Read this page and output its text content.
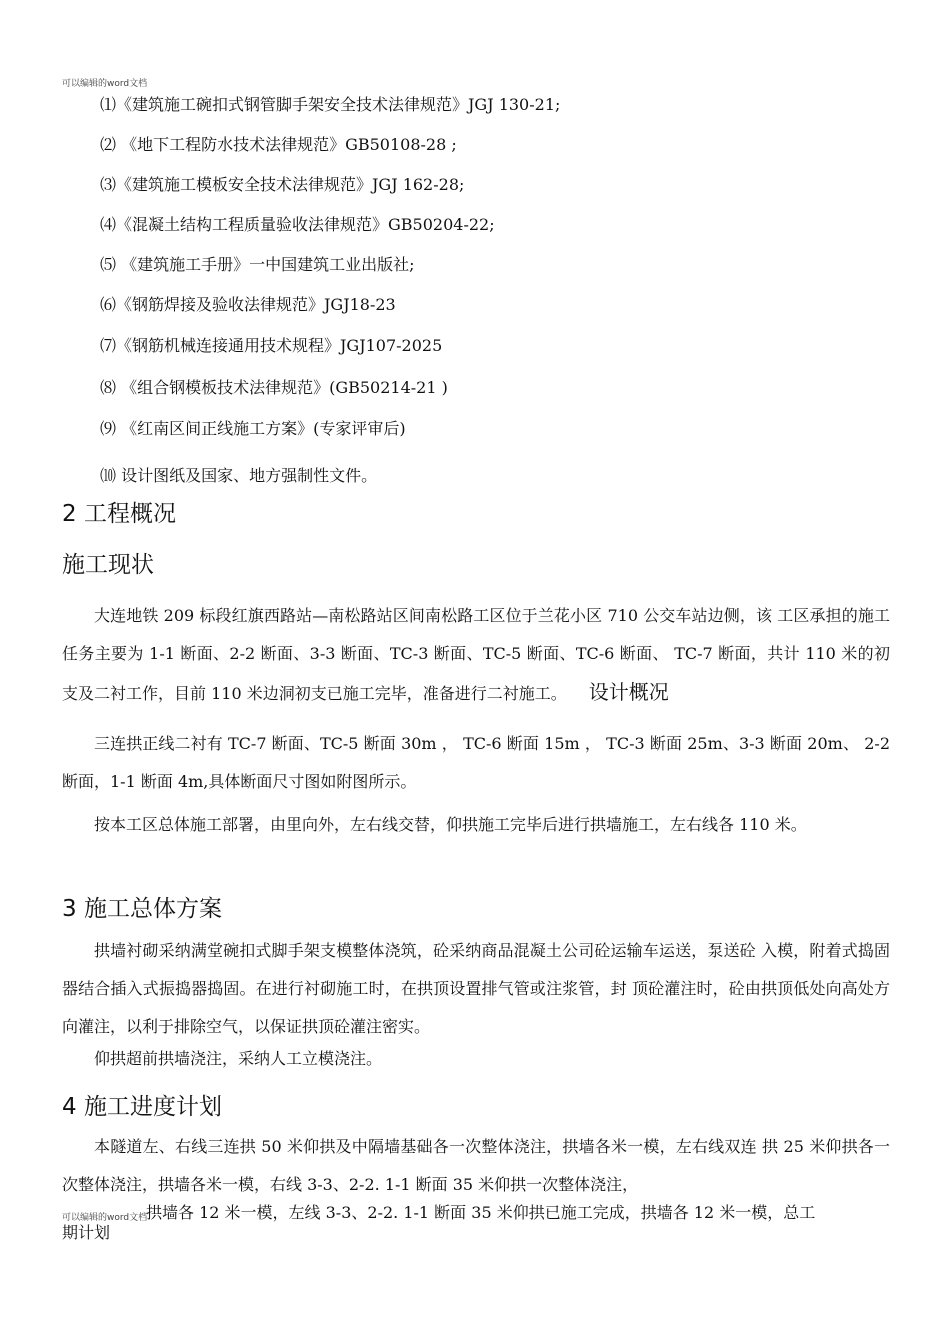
可以编辑的word文档
⑴《建筑施工碗扣式钢管脚手架安全技术法律规范》JGJ 130-21;
⑵ 《地下工程防水技术法律规范》GB50108-28 ;
⑶《建筑施工模板安全技术法律规范》JGJ 162-28;
⑷《混凝土结构工程质量验收法律规范》GB50204-22;
⑸ 《建筑施工手册》一中国建筑工业出版社;
⑹《钢筋焊接及验收法律规范》JGJ18-23
⑺《钢筋机械连接通用技术规程》JGJ107-2025
⑻ 《组合钢模板技术法律规范》(GB50214-21 )
⑼ 《红南区间正线施工方案》(专家评审后)
⑽ 设计图纸及国家、地方强制性文件。
2 工程概况
施工现状
大连地铁 209 标段红旗西路站—南松路站区间南松路工区位于兰花小区 710 公交车站边侧，该 工区承担的施工任务主要为 1-1 断面、2-2 断面、3-3 断面、TC-3 断面、TC-5 断面、TC-6 断面、 TC-7 断面，共计 110 米的初支及二衬工作，目前 110 米边洞初支已施工完毕，准备进行二衬施工。 设计概况
三连拱正线二衬有 TC-7 断面、TC-5 断面 30m ， TC-6 断面 15m ， TC-3 断面 25m、3-3 断面 20m、 2-2 断面，1-1 断面 4m,具体断面尺寸图如附图所示。
按本工区总体施工部署，由里向外，左右线交替，仰拱施工完毕后进行拱墙施工，左右线各 110 米。
3 施工总体方案
拱墙衬砌采纳满堂碗扣式脚手架支模整体浇筑，砼采纳商品混凝土公司砼运输车运送，泵送砼 入模，附着式捣固器结合插入式振捣器捣固。在进行衬砌施工时，在拱顶设置排气管或注浆管，封 顶砼灌注时，砼由拱顶低处向高处方向灌注，以利于排除空气，以保证拱顶砼灌注密实。
仰拱超前拱墙浇注，采纳人工立模浇注。
4 施工进度计划
本隧道左、右线三连拱 50 米仰拱及中隔墙基础各一次整体浇注，拱墙各米一模，左右线双连 拱 25 米仰拱各一次整体浇注，拱墙各米一模，右线 3-3、2-2. 1-1 断面 35 米仰拱一次整体浇注，
可以编辑的word文档
拱墙各 12 米一模，左线 3-3、2-2. 1-1 断面 35 米仰拱已施工完成，拱墙各 12 米一模，总工
期计划
